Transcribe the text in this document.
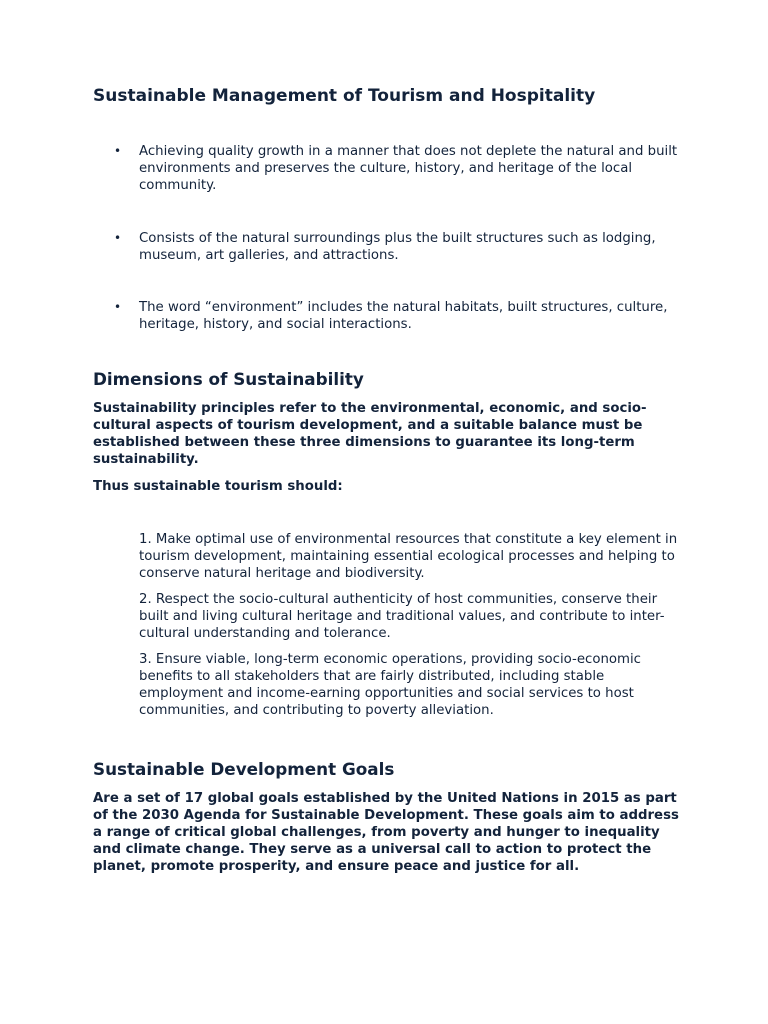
Sustainable Management of Tourism and Hospitality
• Achieving quality growth in a manner that does not deplete the natural and built environments and preserves the culture, history, and heritage of the local community.
• Consists of the natural surroundings plus the built structures such as lodging, museum, art galleries, and attractions.
• The word “environment” includes the natural habitats, built structures, culture, heritage, history, and social interactions.
Dimensions of Sustainability

Sustainability principles refer to the environmental, economic, and socio-cultural aspects of tourism development, and a suitable balance must be established between these three dimensions to guarantee its long-term sustainability.

Thus sustainable tourism should:

1. Make optimal use of environmental resources that constitute a key element in tourism development, maintaining essential ecological processes and helping to conserve natural heritage and biodiversity.

2. Respect the socio-cultural authenticity of host communities, conserve their built and living cultural heritage and traditional values, and contribute to inter-cultural understanding and tolerance.

3. Ensure viable, long-term economic operations, providing socio-economic benefits to all stakeholders that are fairly distributed, including stable employment and income-earning opportunities and social services to host communities, and contributing to poverty alleviation.

Sustainable Development Goals

Are a set of 17 global goals established by the United Nations in 2015 as part of the 2030 Agenda for Sustainable Development. These goals aim to address a range of critical global challenges, from poverty and hunger to inequality and climate change. They serve as a universal call to action to protect the planet, promote prosperity, and ensure peace and justice for all.
